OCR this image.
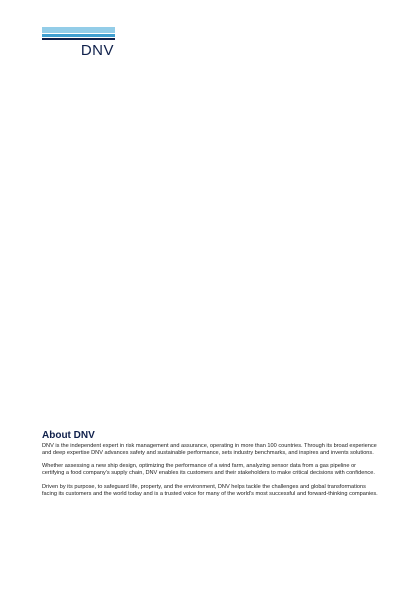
DNV
About DNV

DNV is the independent expert in risk management and assurance, operating in more than 100 countries. Through its broad experience and deep expertise DNV advances safety and sustainable performance, sets industry benchmarks, and inspires and invents solutions.

Whether assessing a new ship design, optimizing the performance of a wind farm, analyzing sensor data from a gas pipeline or certifying a food company’s supply chain, DNV enables its customers and their stakeholders to make critical decisions with confidence.

Driven by its purpose, to safeguard life, property, and the environment, DNV helps tackle the challenges and global transformations facing its customers and the world today and is a trusted voice for many of the world’s most successful and forward-thinking companies.
